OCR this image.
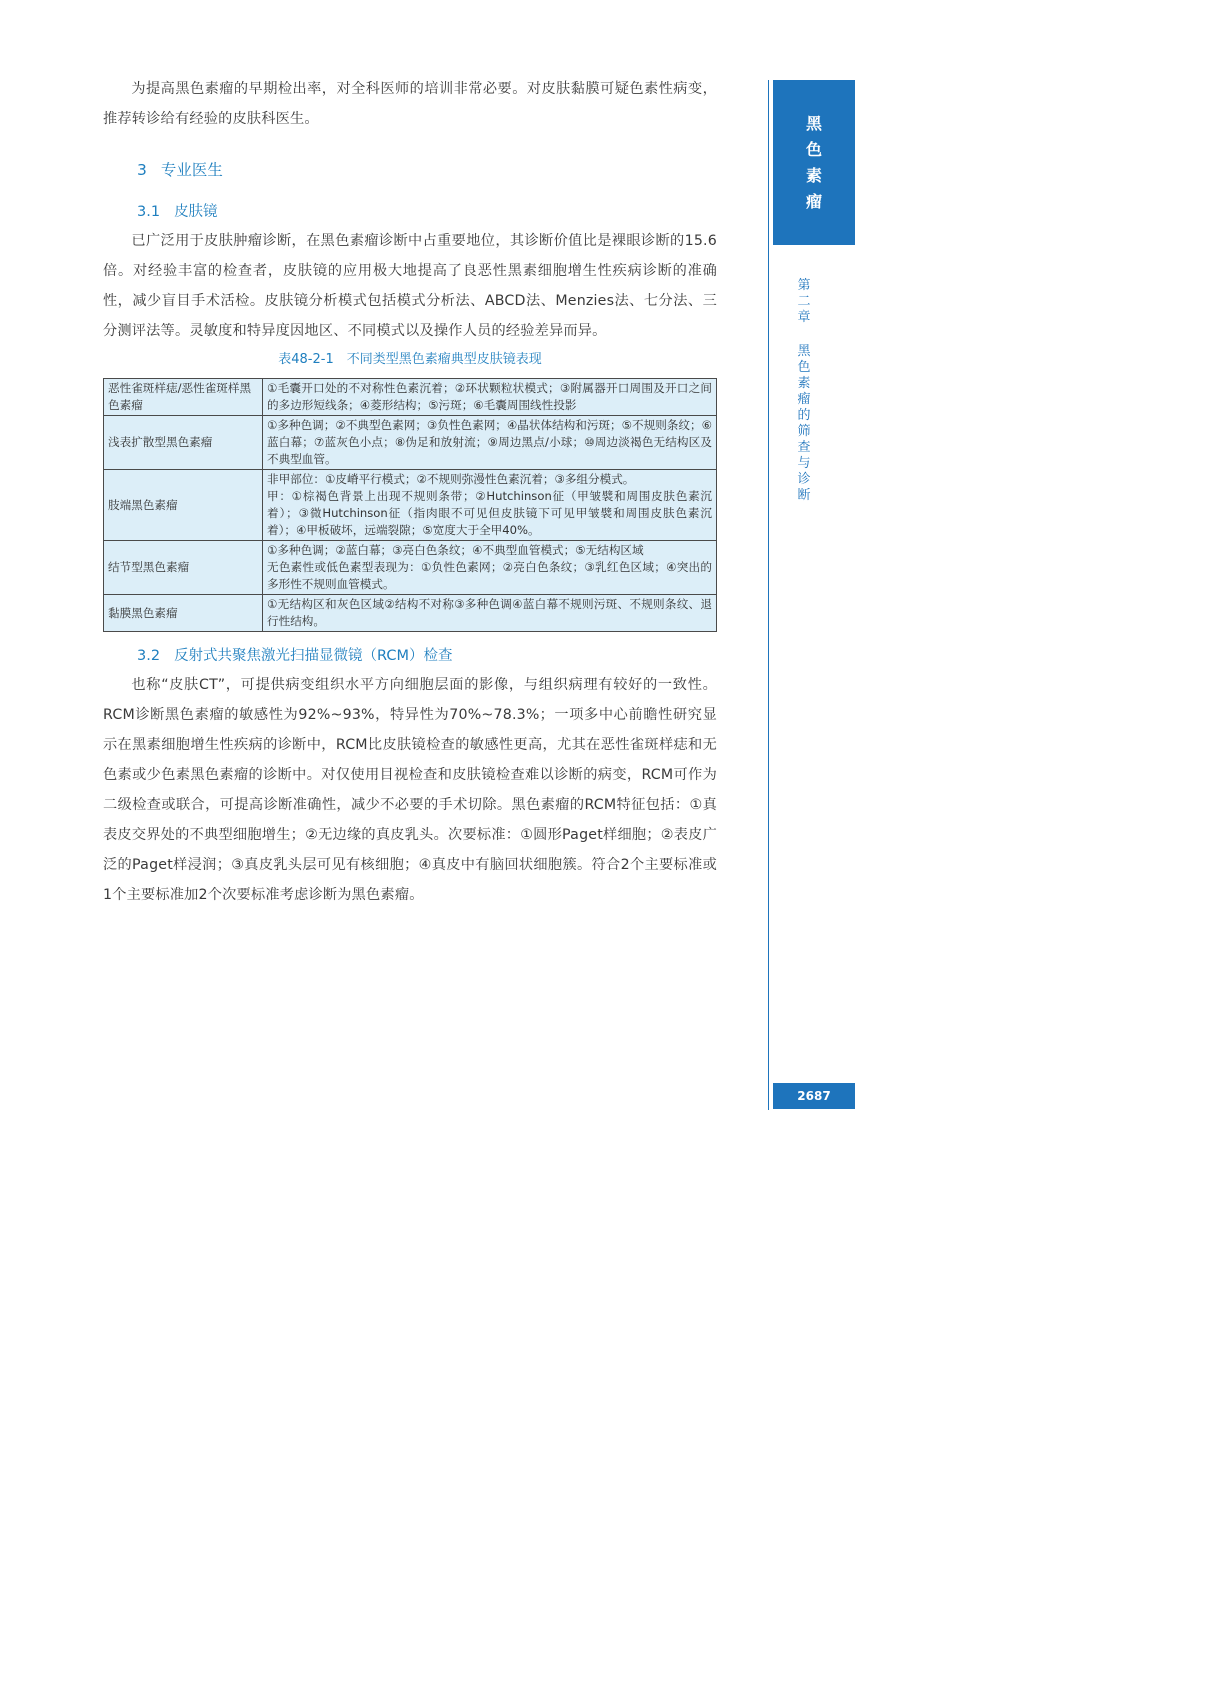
为提高黑色素瘤的早期检出率，对全科医师的培训非常必要。对皮肤黏膜可疑色素性病变，推荐转诊给有经验的皮肤科医生。

3 专业医生
3.1 皮肤镜

已广泛用于皮肤肿瘤诊断，在黑色素瘤诊断中占重要地位，其诊断价值比是裸眼诊断的15.6倍。对经验丰富的检查者，皮肤镜的应用极大地提高了良恶性黑素细胞增生性疾病诊断的准确性，减少盲目手术活检。皮肤镜分析模式包括模式分析法、ABCD法、Menzies法、七分法、三分测评法等。灵敏度和特异度因地区、不同模式以及操作人员的经验差异而异。

表48-2-1　不同类型黑色素瘤典型皮肤镜表现
恶性雀斑样痣/恶性雀斑样黑色素瘤	①毛囊开口处的不对称性色素沉着；②环状颗粒状模式；③附属器开口周围及开口之间的多边形短线条；④菱形结构；⑤污斑；⑥毛囊周围线性投影
浅表扩散型黑色素瘤	①多种色调；②不典型色素网；③负性色素网；④晶状体结构和污斑；⑤不规则条纹；⑥蓝白幕；⑦蓝灰色小点；⑧伪足和放射流；⑨周边黑点/小球；⑩周边淡褐色无结构区及不典型血管。
肢端黑色素瘤	非甲部位：①皮嵴平行模式；②不规则弥漫性色素沉着；③多组分模式。
甲：①棕褐色背景上出现不规则条带；②Hutchinson征（甲皱襞和周围皮肤色素沉着）；③微Hutchinson征（指肉眼不可见但皮肤镜下可见甲皱襞和周围皮肤色素沉着）；④甲板破坏，远端裂隙；⑤宽度大于全甲40%。

结节型黑色素瘤	①多种色调；②蓝白幕；③亮白色条纹；④不典型血管模式；⑤无结构区域
无色素性或低色素型表现为：①负性色素网；②亮白色条纹；③乳红色区域；④突出的多形性不规则血管模式。

黏膜黑色素瘤	①无结构区和灰色区域②结构不对称③多种色调④蓝白幕不规则污斑、不规则条纹、退行性结构。
3.2 反射式共聚焦激光扫描显微镜（RCM）检查

也称“皮肤CT”，可提供病变组织水平方向细胞层面的影像，与组织病理有较好的一致性。RCM诊断黑色素瘤的敏感性为92%~93%，特异性为70%~78.3%；一项多中心前瞻性研究显示在黑素细胞增生性疾病的诊断中，RCM比皮肤镜检查的敏感性更高，尤其在恶性雀斑样痣和无色素或少色素黑色素瘤的诊断中。对仅使用目视检查和皮肤镜检查难以诊断的病变，RCM可作为二级检查或联合，可提高诊断准确性，减少不必要的手术切除。黑色素瘤的RCM特征包括：①真表皮交界处的不典型细胞增生；②无边缘的真皮乳头。次要标准：①圆形Paget样细胞；②表皮广泛的Paget样浸润；③真皮乳头层可见有核细胞；④真皮中有脑回状细胞簇。符合2个主要标准或1个主要标准加2个次要标准考虑诊断为黑色素瘤。

黑色素瘤
第二章
黑色素瘤的筛查与诊断
2687
